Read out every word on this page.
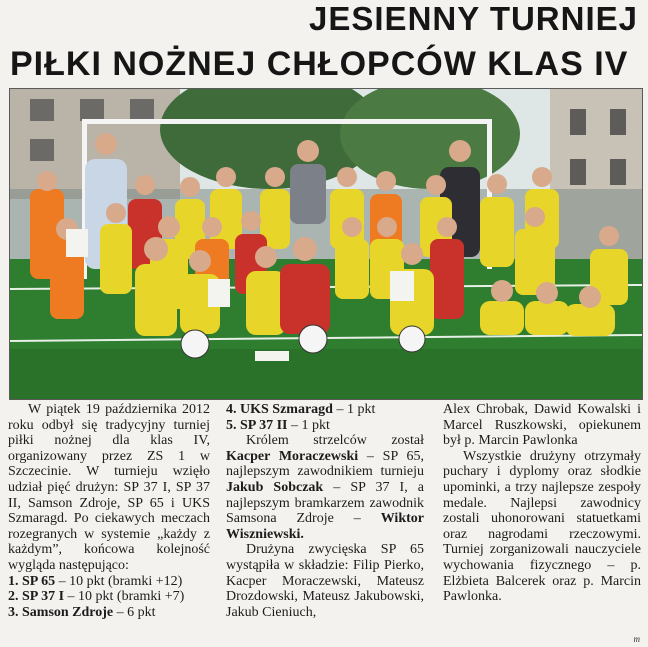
JESIENNY TURNIEJ
PIŁKI NOŻNEJ CHŁOPCÓW KLAS IV

W piątek 19 października 2012 roku odbył się tradycyjny turniej piłki nożnej dla klas IV, organizowany przez ZS 1 w Szczecinie. W turnieju wzięło udział pięć drużyn: SP 37 I, SP 37 II, Samson Zdroje, SP 65 i UKS Szmaragd. Po ciekawych meczach rozegranych w systemie „każdy z każdym”, końcowa kolejność wygląda następująco:

1. SP 65 – 10 pkt (bramki +12)

2. SP 37 I – 10 pkt (bramki +7)

3. Samson Zdroje – 6 pkt

4. UKS Szmaragd – 1 pkt

5. SP 37 II – 1 pkt

Królem strzelców został Kacper Moraczewski – SP 65, najlepszym zawodnikiem turnieju Jakub Sobczak – SP 37 I, a najlepszym bramkarzem zawodnik Samsona Zdroje – Wiktor Wiszniewski.

Drużyna zwycięska SP 65 wystąpiła w składzie: Filip Pierko, Kacper Moraczewski, Mateusz Drozdowski, Mateusz Jakubowski, Jakub Cieniuch,

Alex Chrobak, Dawid Kowalski i Marcel Ruszkowski, opiekunem był p. Marcin Pawlonka

Wszystkie drużyny otrzymały puchary i dyplomy oraz słodkie upominki, a trzy najlepsze zespoły medale. Najlepsi zawodnicy zostali uhonorowani statuetkami oraz nagrodami rzeczowymi. Turniej zorganizowali nauczyciele wychowania fizycznego – p. Elżbieta Balcerek oraz p. Marcin Pawlonka.

m
